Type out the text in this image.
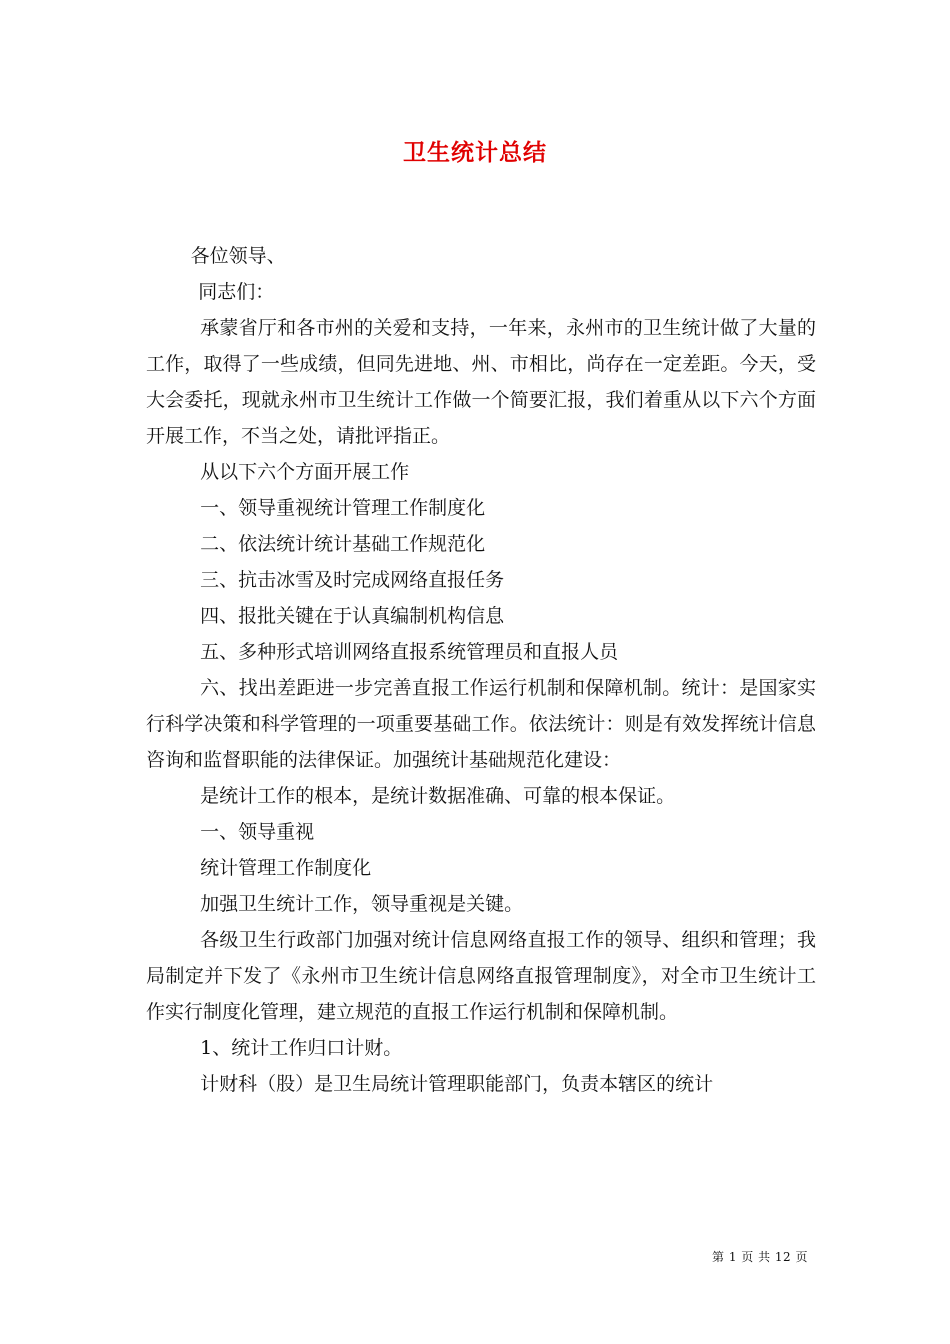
卫生统计总结

各位领导、

同志们：

承蒙省厅和各市州的关爱和支持，一年来，永州市的卫生统计做了大量的工作，取得了一些成绩，但同先进地、州、市相比，尚存在一定差距。今天，受大会委托，现就永州市卫生统计工作做一个简要汇报，我们着重从以下六个方面开展工作，不当之处，请批评指正。

从以下六个方面开展工作

一、领导重视统计管理工作制度化

二、依法统计统计基础工作规范化

三、抗击冰雪及时完成网络直报任务

四、报批关键在于认真编制机构信息

五、多种形式培训网络直报系统管理员和直报人员

六、找出差距进一步完善直报工作运行机制和保障机制。统计：是国家实行科学决策和科学管理的一项重要基础工作。依法统计：则是有效发挥统计信息咨询和监督职能的法律保证。加强统计基础规范化建设：

是统计工作的根本，是统计数据准确、可靠的根本保证。

一、领导重视

统计管理工作制度化

加强卫生统计工作，领导重视是关键。

各级卫生行政部门加强对统计信息网络直报工作的领导、组织和管理；我局制定并下发了《永州市卫生统计信息网络直报管理制度》，对全市卫生统计工作实行制度化管理，建立规范的直报工作运行机制和保障机制。

1、统计工作归口计财。

计财科（股）是卫生局统计管理职能部门，负责本辖区的统计

第 1 页 共 12 页
